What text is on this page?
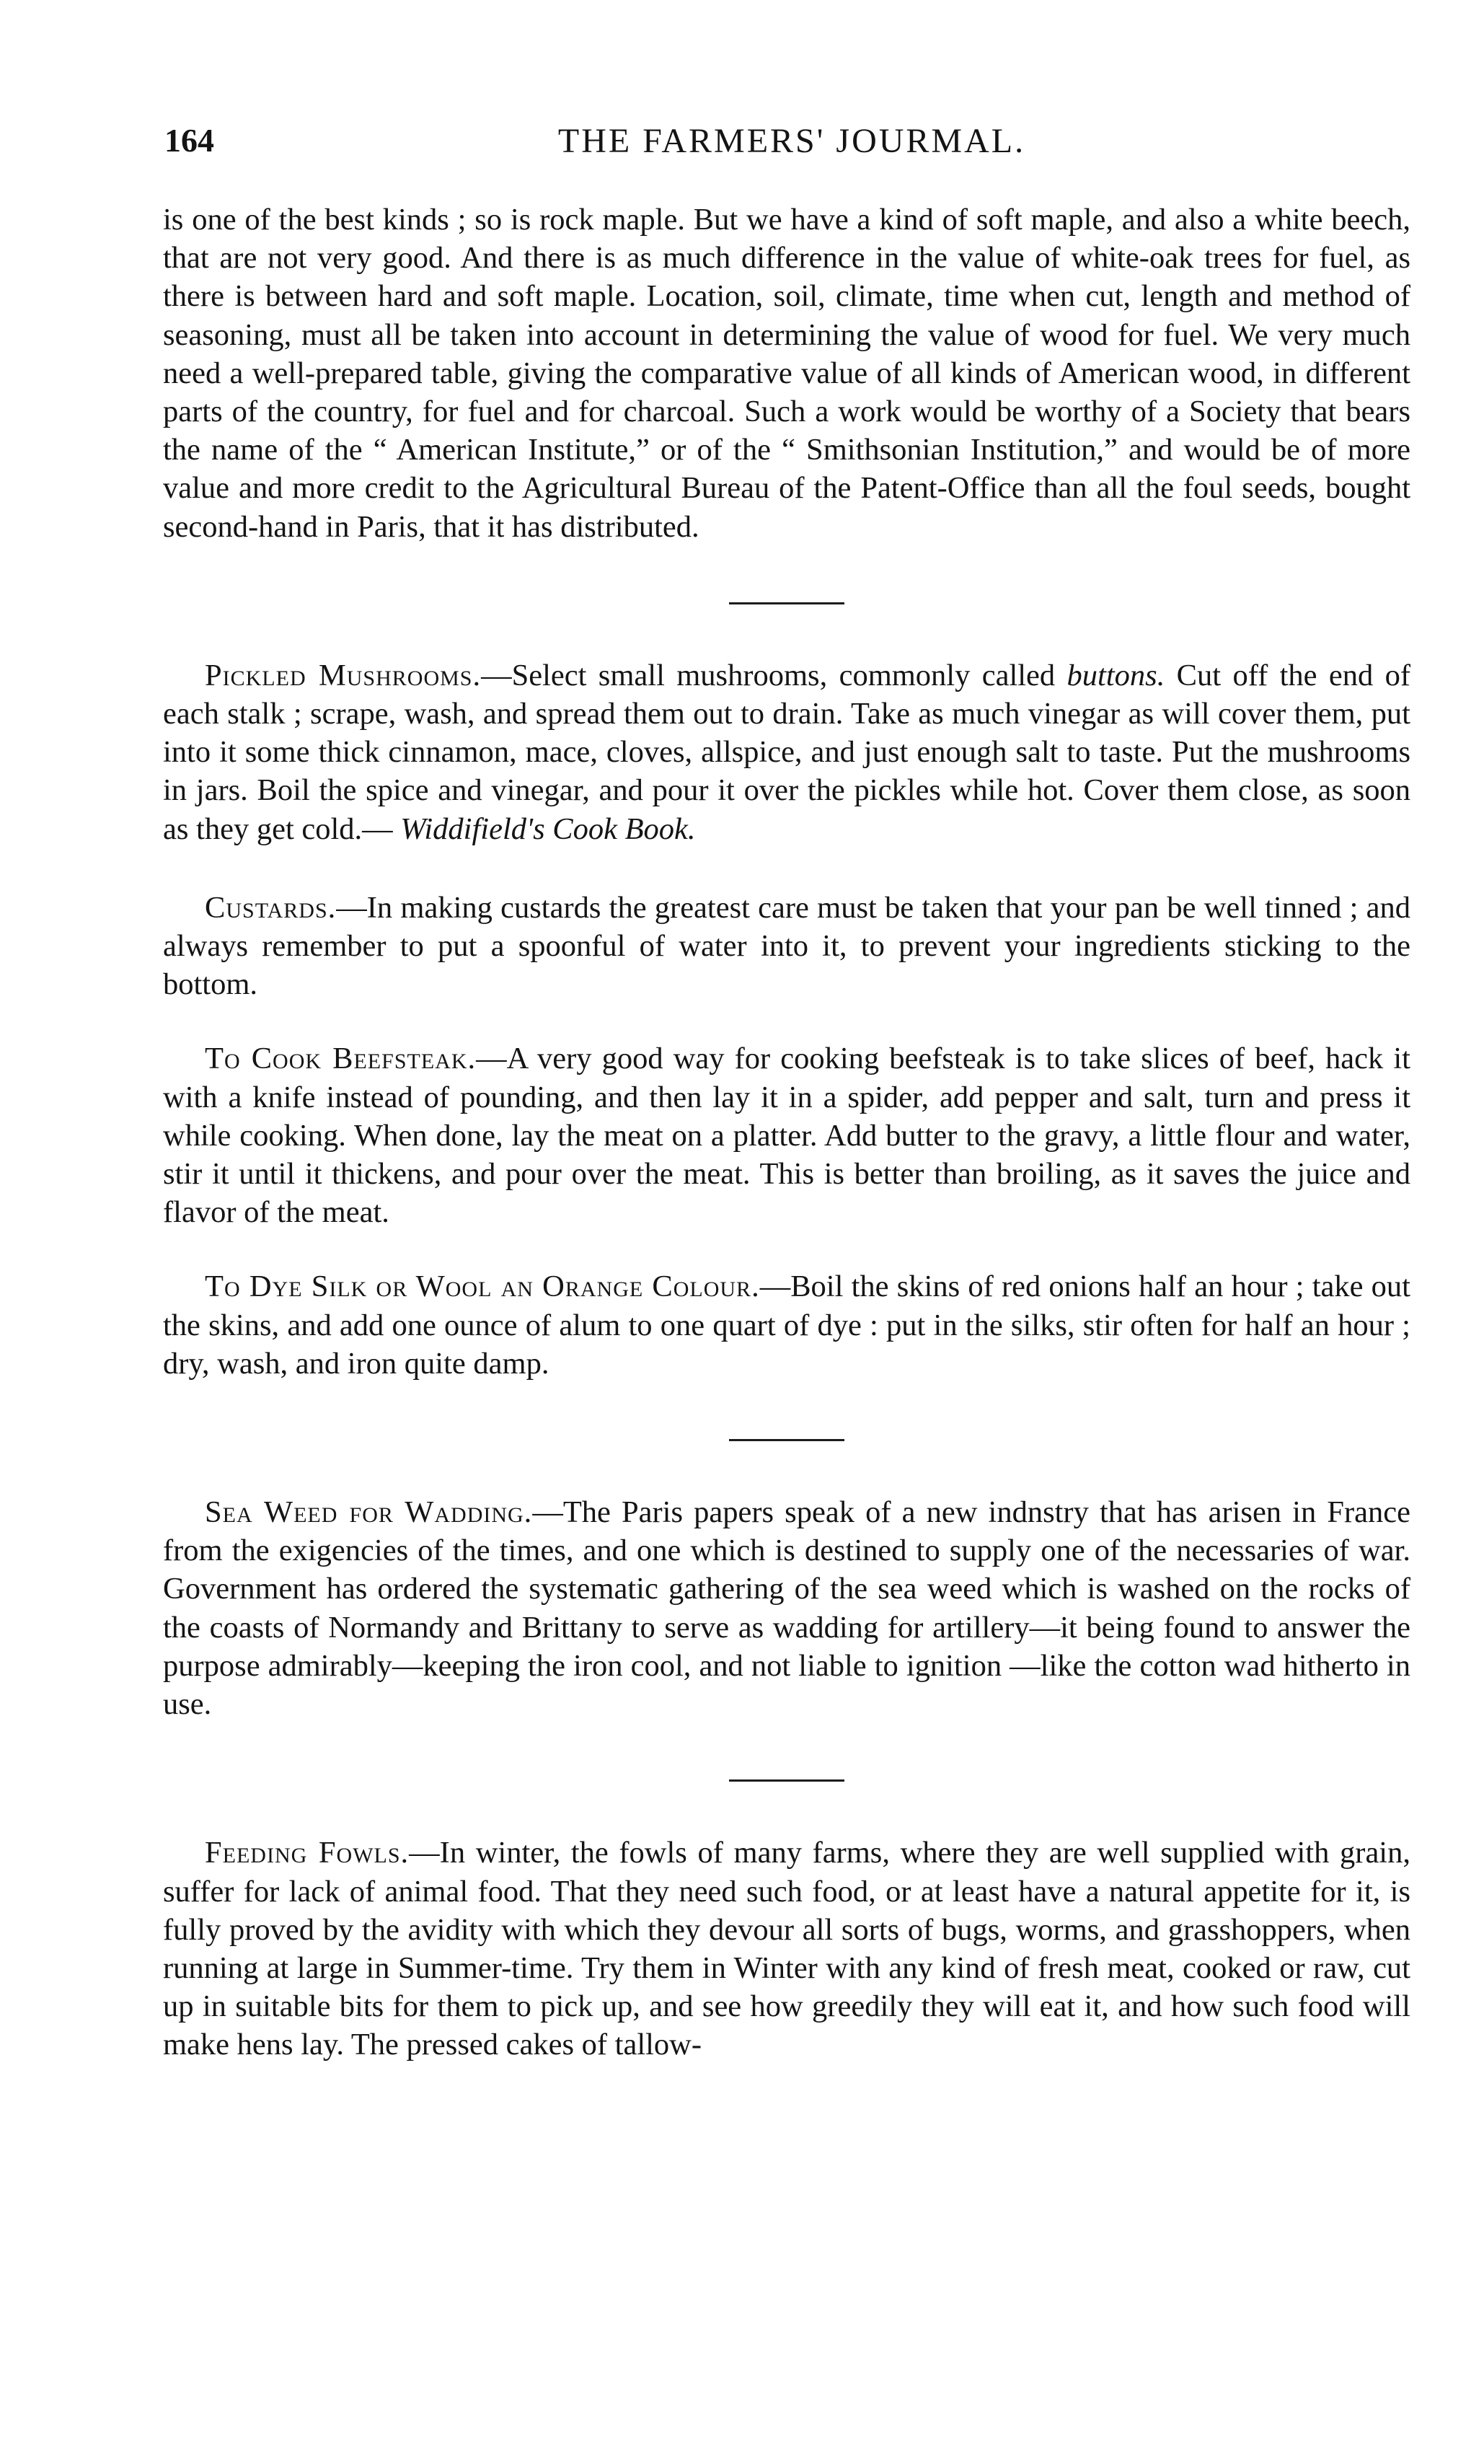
164	THE FARMERS' JOURMAL.

is one of the best kinds ; so is rock maple. But we have a kind of soft maple, and also a white beech, that are not very good. And there is as much difference in the value of white-oak trees for fuel, as there is between hard and soft maple. Location, soil, climate, time when cut, length and method of seasoning, must all be taken into account in determining the value of wood for fuel. We very much need a well-prepared table, giving the comparative value of all kinds of American wood, in different parts of the country, for fuel and for charcoal. Such a work would be worthy of a Society that bears the name of the “ American Institute,” or of the “ Smithsonian Institution,” and would be of more value and more credit to the Agricultural Bureau of the Patent-Office than all the foul seeds, bought second-hand in Paris, that it has distributed.

Pickled Mushrooms.—Select small mushrooms, commonly called buttons. Cut off the end of each stalk ; scrape, wash, and spread them out to drain. Take as much vinegar as will cover them, put into it some thick cinnamon, mace, cloves, allspice, and just enough salt to taste. Put the mushrooms in jars. Boil the spice and vinegar, and pour it over the pickles while hot. Cover them close, as soon as they get cold.— Widdifield's Cook Book.

Custards.—In making custards the greatest care must be taken that your pan be well tinned ; and always remember to put a spoonful of water into it, to prevent your ingredients sticking to the bottom.

To Cook Beefsteak.—A very good way for cooking beefsteak is to take slices of beef, hack it with a knife instead of pounding, and then lay it in a spider, add pepper and salt, turn and press it while cooking. When done, lay the meat on a platter. Add butter to the gravy, a little flour and water, stir it until it thickens, and pour over the meat. This is better than broiling, as it saves the juice and flavor of the meat.

To Dye Silk or Wool an Orange Colour.—Boil the skins of red onions half an hour ; take out the skins, and add one ounce of alum to one quart of dye : put in the silks, stir often for half an hour ; dry, wash, and iron quite damp.

Sea Weed for Wadding.—The Paris papers speak of a new indnstry that has arisen in France from the exigencies of the times, and one which is destined to supply one of the necessaries of war. Government has ordered the systematic gathering of the sea weed which is washed on the rocks of the coasts of Normandy and Brittany to serve as wadding for artillery—it being found to answer the purpose admirably—keeping the iron cool, and not liable to ignition —like the cotton wad hitherto in use.

Feeding Fowls.—In winter, the fowls of many farms, where they are well supplied with grain, suffer for lack of animal food. That they need such food, or at least have a natural appetite for it, is fully proved by the avidity with which they devour all sorts of bugs, worms, and grasshoppers, when running at large in Summer-time. Try them in Winter with any kind of fresh meat, cooked or raw, cut up in suitable bits for them to pick up, and see how greedily they will eat it, and how such food will make hens lay. The pressed cakes of tallow-
